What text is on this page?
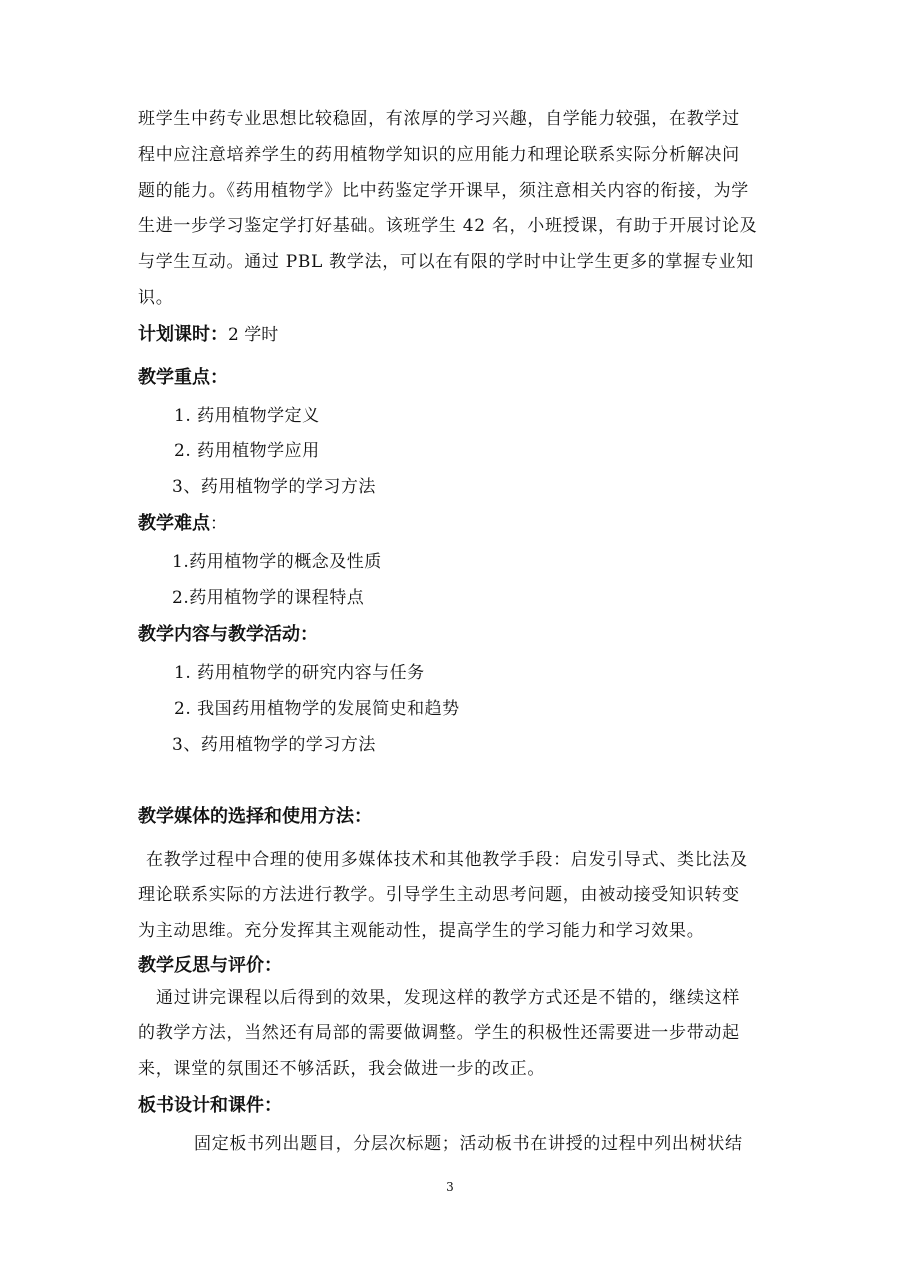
班学生中药专业思想比较稳固，有浓厚的学习兴趣，自学能力较强，在教学过

程中应注意培养学生的药用植物学知识的应用能力和理论联系实际分析解决问

题的能力。《药用植物学》比中药鉴定学开课早，须注意相关内容的衔接，为学

生进一步学习鉴定学打好基础。该班学生 42 名，小班授课，有助于开展讨论及

与学生互动。通过 PBL 教学法，可以在有限的学时中让学生更多的掌握专业知

识。

计划课时：2 学时

教学重点：

1. 药用植物学定义

2. 药用植物学应用

3、药用植物学的学习方法

教学难点：

1.药用植物学的概念及性质

2.药用植物学的课程特点

教学内容与教学活动：

1. 药用植物学的研究内容与任务

2. 我国药用植物学的发展简史和趋势

3、药用植物学的学习方法

教学媒体的选择和使用方法：

在教学过程中合理的使用多媒体技术和其他教学手段：启发引导式、类比法及

理论联系实际的方法进行教学。引导学生主动思考问题，由被动接受知识转变

为主动思维。充分发挥其主观能动性，提高学生的学习能力和学习效果。

教学反思与评价：

通过讲完课程以后得到的效果，发现这样的教学方式还是不错的，继续这样

的教学方法，当然还有局部的需要做调整。学生的积极性还需要进一步带动起

来，课堂的氛围还不够活跃，我会做进一步的改正。

板书设计和课件：

固定板书列出题目，分层次标题；活动板书在讲授的过程中列出树状结

3
